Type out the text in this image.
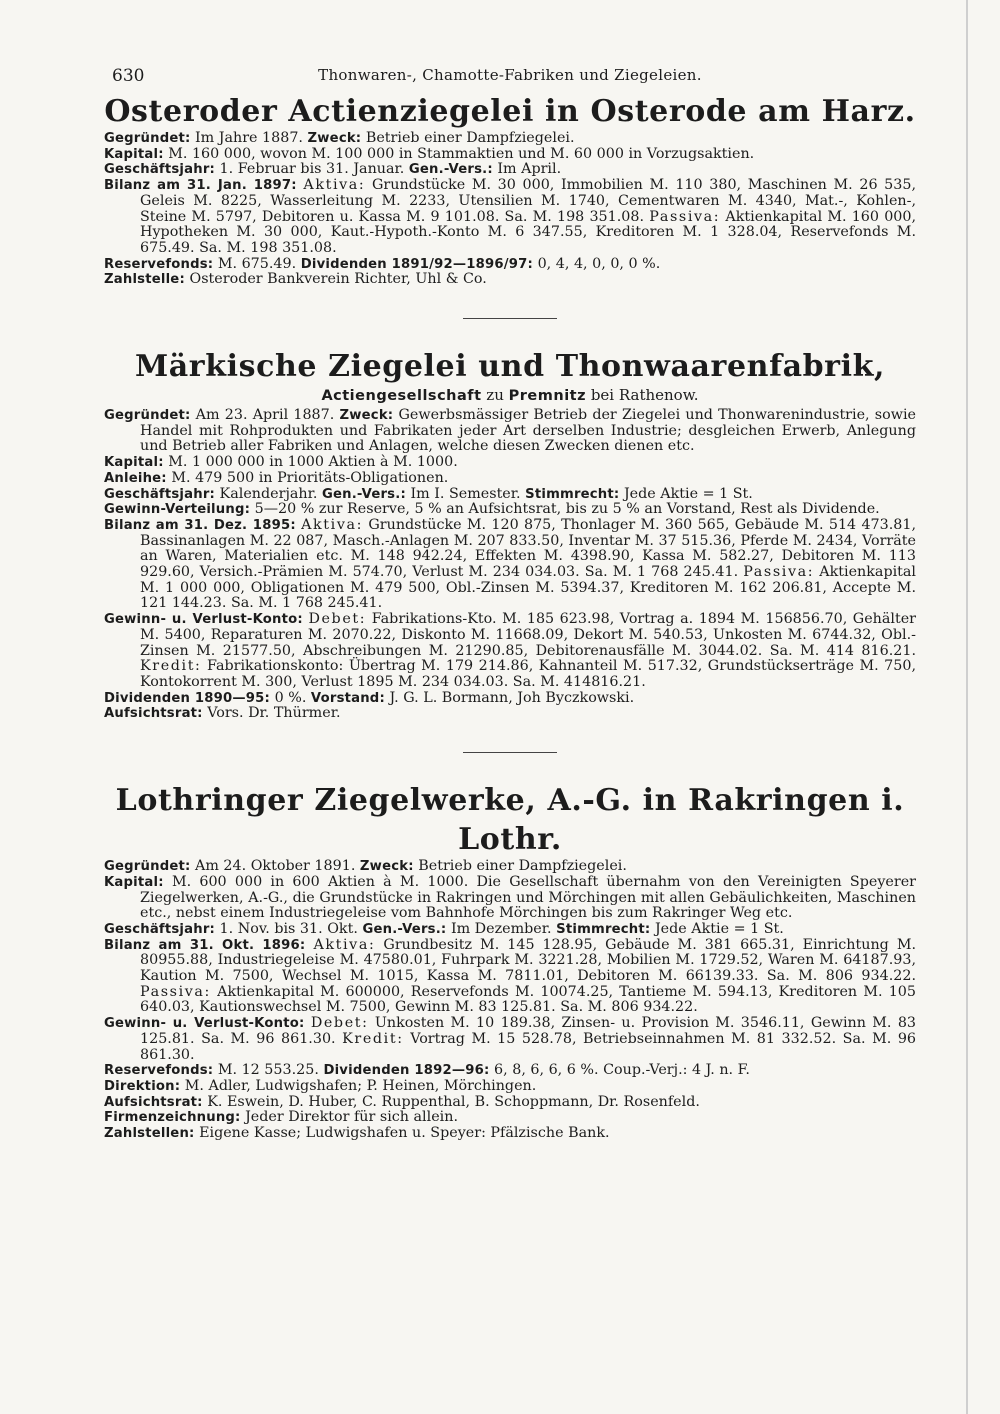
630	Thonwaren-, Chamotte-Fabriken und Ziegeleien.
Osteroder Actienziegelei in Osterode am Harz.

Gegründet: Im Jahre 1887. Zweck: Betrieb einer Dampfziegelei.

Kapital: M. 160 000, wovon M. 100 000 in Stammaktien und M. 60 000 in Vorzugsaktien.

Geschäftsjahr: 1. Februar bis 31. Januar. Gen.-Vers.: Im April.

Bilanz am 31. Jan. 1897: Aktiva: Grundstücke M. 30 000, Immobilien M. 110 380, Maschinen M. 26 535, Geleis M. 8225, Wasserleitung M. 2233, Utensilien M. 1740, Cementwaren M. 4340, Mat.-, Kohlen-, Steine M. 5797, Debitoren u. Kassa M. 9 101.08. Sa. M. 198 351.08. Passiva: Aktienkapital M. 160 000, Hypotheken M. 30 000, Kaut.-Hypoth.-Konto M. 6 347.55, Kreditoren M. 1 328.04, Reservefonds M. 675.49. Sa. M. 198 351.08.

Reservefonds: M. 675.49. Dividenden 1891/92—1896/97: 0, 4, 4, 0, 0, 0 %.

Zahlstelle: Osteroder Bankverein Richter, Uhl & Co.

Märkische Ziegelei und Thonwaarenfabrik,
Actiengesellschaft zu Premnitz bei Rathenow.

Gegründet: Am 23. April 1887. Zweck: Gewerbsmässiger Betrieb der Ziegelei und Thonwarenindustrie, sowie Handel mit Rohprodukten und Fabrikaten jeder Art derselben Industrie; desgleichen Erwerb, Anlegung und Betrieb aller Fabriken und Anlagen, welche diesen Zwecken dienen etc.

Kapital: M. 1 000 000 in 1000 Aktien à M. 1000.

Anleihe: M. 479 500 in Prioritäts-Obligationen.

Geschäftsjahr: Kalenderjahr. Gen.-Vers.: Im I. Semester. Stimmrecht: Jede Aktie = 1 St.

Gewinn-Verteilung: 5—20 % zur Reserve, 5 % an Aufsichtsrat, bis zu 5 % an Vorstand, Rest als Dividende.

Bilanz am 31. Dez. 1895: Aktiva: Grundstücke M. 120 875, Thonlager M. 360 565, Gebäude M. 514 473.81, Bassinanlagen M. 22 087, Masch.-Anlagen M. 207 833.50, Inventar M. 37 515.36, Pferde M. 2434, Vorräte an Waren, Materialien etc. M. 148 942.24, Effekten M. 4398.90, Kassa M. 582.27, Debitoren M. 113 929.60, Versich.-Prämien M. 574.70, Verlust M. 234 034.03. Sa. M. 1 768 245.41. Passiva: Aktienkapital M. 1 000 000, Obligationen M. 479 500, Obl.-Zinsen M. 5394.37, Kreditoren M. 162 206.81, Accepte M. 121 144.23. Sa. M. 1 768 245.41.

Gewinn- u. Verlust-Konto: Debet: Fabrikations-Kto. M. 185 623.98, Vortrag a. 1894 M. 156856.70, Gehälter M. 5400, Reparaturen M. 2070.22, Diskonto M. 11668.09, Dekort M. 540.53, Unkosten M. 6744.32, Obl.-Zinsen M. 21577.50, Abschreibungen M. 21290.85, Debitorenausfälle M. 3044.02. Sa. M. 414 816.21. Kredit: Fabrikationskonto: Übertrag M. 179 214.86, Kahnanteil M. 517.32, Grundstückserträge M. 750, Kontokorrent M. 300, Verlust 1895 M. 234 034.03. Sa. M. 414816.21.

Dividenden 1890—95: 0 %. Vorstand: J. G. L. Bormann, Joh Byczkowski.

Aufsichtsrat: Vors. Dr. Thürmer.

Lothringer Ziegelwerke, A.-G. in Rakringen i. Lothr.

Gegründet: Am 24. Oktober 1891. Zweck: Betrieb einer Dampfziegelei.

Kapital: M. 600 000 in 600 Aktien à M. 1000. Die Gesellschaft übernahm von den Vereinigten Speyerer Ziegelwerken, A.-G., die Grundstücke in Rakringen und Mörchingen mit allen Gebäulichkeiten, Maschinen etc., nebst einem Industriegeleise vom Bahnhofe Mörchingen bis zum Rakringer Weg etc.

Geschäftsjahr: 1. Nov. bis 31. Okt. Gen.-Vers.: Im Dezember. Stimmrecht: Jede Aktie = 1 St.

Bilanz am 31. Okt. 1896: Aktiva: Grundbesitz M. 145 128.95, Gebäude M. 381 665.31, Einrichtung M. 80955.88, Industriegeleise M. 47580.01, Fuhrpark M. 3221.28, Mobilien M. 1729.52, Waren M. 64187.93, Kaution M. 7500, Wechsel M. 1015, Kassa M. 7811.01, Debitoren M. 66139.33. Sa. M. 806 934.22. Passiva: Aktienkapital M. 600000, Reservefonds M. 10074.25, Tantieme M. 594.13, Kreditoren M. 105 640.03, Kautionswechsel M. 7500, Gewinn M. 83 125.81. Sa. M. 806 934.22.

Gewinn- u. Verlust-Konto: Debet: Unkosten M. 10 189.38, Zinsen- u. Provision M. 3546.11, Gewinn M. 83 125.81. Sa. M. 96 861.30. Kredit: Vortrag M. 15 528.78, Betriebseinnahmen M. 81 332.52. Sa. M. 96 861.30.

Reservefonds: M. 12 553.25. Dividenden 1892—96: 6, 8, 6, 6, 6 %. Coup.-Verj.: 4 J. n. F.

Direktion: M. Adler, Ludwigshafen; P. Heinen, Mörchingen.

Aufsichtsrat: K. Eswein, D. Huber, C. Ruppenthal, B. Schoppmann, Dr. Rosenfeld.

Firmenzeichnung: Jeder Direktor für sich allein.

Zahlstellen: Eigene Kasse; Ludwigshafen u. Speyer: Pfälzische Bank.
